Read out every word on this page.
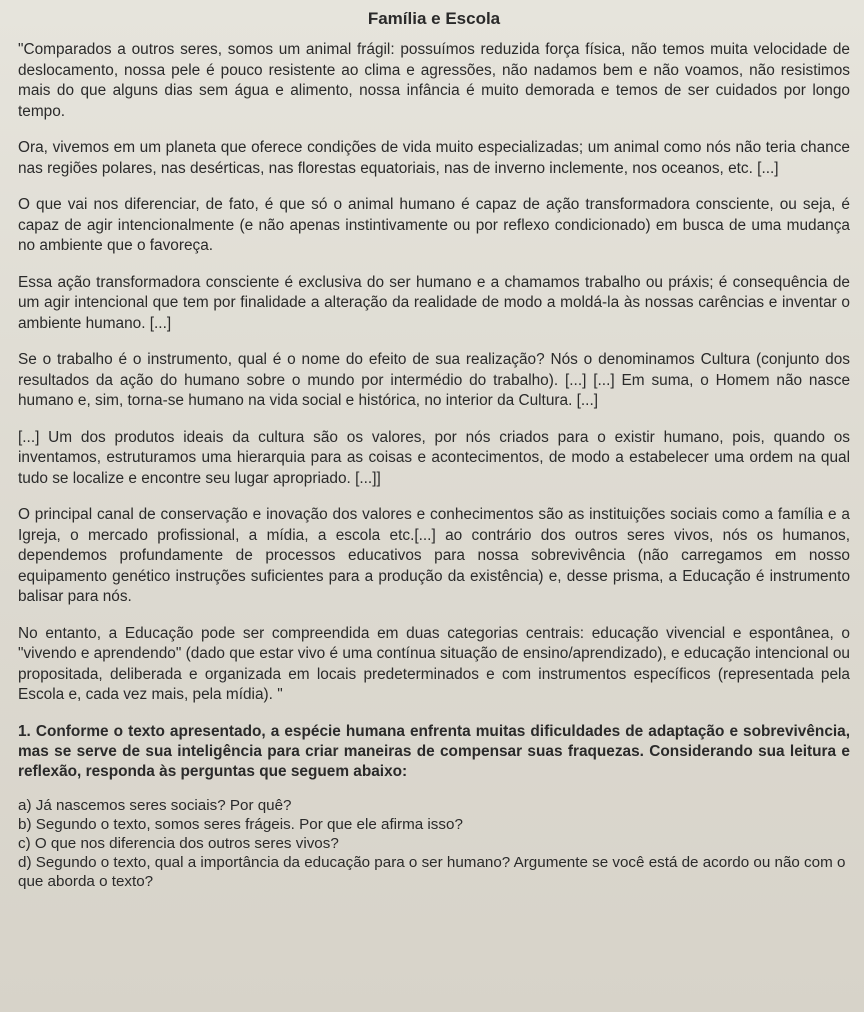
Família e Escola

"Comparados a outros seres, somos um animal frágil: possuímos reduzida força física, não temos muita velocidade de deslocamento, nossa pele é pouco resistente ao clima e agressões, não nadamos bem e não voamos, não resistimos mais do que alguns dias sem água e alimento, nossa infância é muito demorada e temos de ser cuidados por longo tempo.

Ora, vivemos em um planeta que oferece condições de vida muito especializadas; um animal como nós não teria chance nas regiões polares, nas desérticas, nas florestas equatoriais, nas de inverno inclemente, nos oceanos, etc. [...]

O que vai nos diferenciar, de fato, é que só o animal humano é capaz de ação transformadora consciente, ou seja, é capaz de agir intencionalmente (e não apenas instintivamente ou por reflexo condicionado) em busca de uma mudança no ambiente que o favoreça.

Essa ação transformadora consciente é exclusiva do ser humano e a chamamos trabalho ou práxis; é consequência de um agir intencional que tem por finalidade a alteração da realidade de modo a moldá-la às nossas carências e inventar o ambiente humano. [...]

Se o trabalho é o instrumento, qual é o nome do efeito de sua realização? Nós o denominamos Cultura (conjunto dos resultados da ação do humano sobre o mundo por intermédio do trabalho). [...] [...] Em suma, o Homem não nasce humano e, sim, torna-se humano na vida social e histórica, no interior da Cultura. [...]

[...] Um dos produtos ideais da cultura são os valores, por nós criados para o existir humano, pois, quando os inventamos, estruturamos uma hierarquia para as coisas e acontecimentos, de modo a estabelecer uma ordem na qual tudo se localize e encontre seu lugar apropriado. [...]]

O principal canal de conservação e inovação dos valores e conhecimentos são as instituições sociais como a família e a Igreja, o mercado profissional, a mídia, a escola etc.[...] ao contrário dos outros seres vivos, nós os humanos, dependemos profundamente de processos educativos para nossa sobrevivência (não carregamos em nosso equipamento genético instruções suficientes para a produção da existência) e, desse prisma, a Educação é instrumento balisar para nós.

No entanto, a Educação pode ser compreendida em duas categorias centrais: educação vivencial e espontânea, o "vivendo e aprendendo" (dado que estar vivo é uma contínua situação de ensino/aprendizado), e educação intencional ou propositada, deliberada e organizada em locais predeterminados e com instrumentos específicos (representada pela Escola e, cada vez mais, pela mídia). "

1. Conforme o texto apresentado, a espécie humana enfrenta muitas dificuldades de adaptação e sobrevivência, mas se serve de sua inteligência para criar maneiras de compensar suas fraquezas. Considerando sua leitura e reflexão, responda às perguntas que seguem abaixo:

a) Já nascemos seres sociais? Por quê?
b) Segundo o texto, somos seres frágeis. Por que ele afirma isso?
c) O que nos diferencia dos outros seres vivos?
d) Segundo o texto, qual a importância da educação para o ser humano? Argumente se você está de acordo ou não com o que aborda o texto?
